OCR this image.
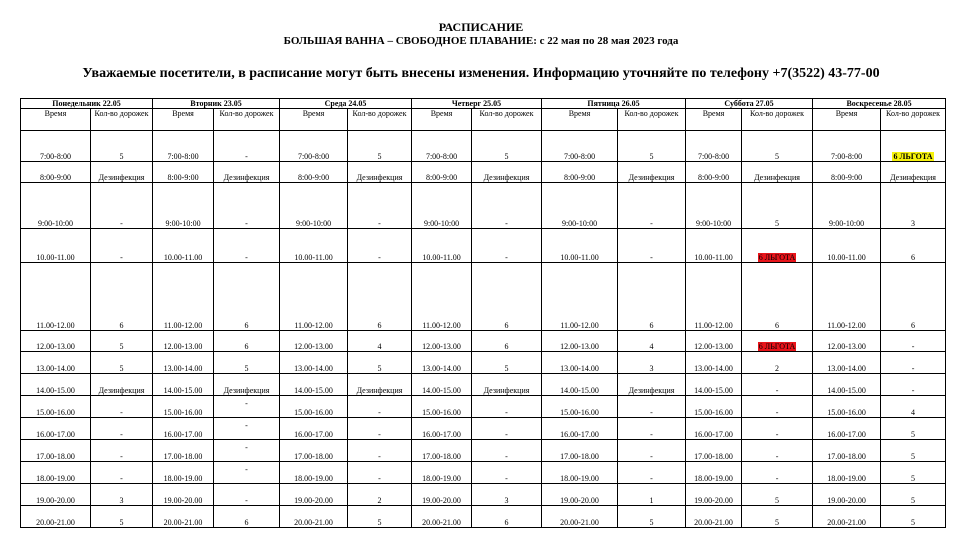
РАСПИСАНИЕ
БОЛЬШАЯ ВАННА – СВОБОДНОЕ ПЛАВАНИЕ: с 22 мая по 28 мая 2023 года
Уважаемые посетители, в расписание могут быть внесены изменения. Информацию уточняйте по телефону +7(3522) 43-77-00
Понедельник 22.05		Вторник 23.05		Среда 24.05		Четверг 25.05		Пятница 26.05		Суббота 27.05		Воскресенье 28.05	
Время	Кол-во дорожек	Время	Кол-во дорожек	Время	Кол-во дорожек	Время	Кол-во дорожек	Время	Кол-во дорожек	Время	Кол-во дорожек	Время	Кол-во дорожек
7:00-8:00	5	7:00-8:00	-	7:00-8:00	5	7:00-8:00	5	7:00-8:00	5	7:00-8:00	5	7:00-8:00	6 ЛЬГОТА
8:00-9:00	Дезинфекция	8:00-9:00	Дезинфекция	8:00-9:00	Дезинфекция	8:00-9:00	Дезинфекция	8:00-9:00	Дезинфекция	8:00-9:00	Дезинфекция	8:00-9:00	Дезинфекция
9:00-10:00	-	9:00-10:00	-	9:00-10:00	-	9:00-10:00	-	9:00-10:00	-	9:00-10:00	5	9:00-10:00	3
10.00-11.00	-	10.00-11.00	-	10.00-11.00	-	10.00-11.00	-	10.00-11.00	-	10.00-11.00	6 ЛЬГОТА	10.00-11.00	6
11.00-12.00	6	11.00-12.00	6	11.00-12.00	6	11.00-12.00	6	11.00-12.00	6	11.00-12.00	6	11.00-12.00	6
12.00-13.00	5	12.00-13.00	6	12.00-13.00	4	12.00-13.00	6	12.00-13.00	4	12.00-13.00	6 ЛЬГОТА	12.00-13.00	-
13.00-14.00	5	13.00-14.00	5	13.00-14.00	5	13.00-14.00	5	13.00-14.00	3	13.00-14.00	2	13.00-14.00	-
14.00-15.00	Дезинфекция	14.00-15.00	Дезинфекция	14.00-15.00	Дезинфекция	14.00-15.00	Дезинфекция	14.00-15.00	Дезинфекция	14.00-15.00	-	14.00-15.00	-
15.00-16.00	-	15.00-16.00	-	15.00-16.00	-	15.00-16.00	-	15.00-16.00	-	15.00-16.00	-	15.00-16.00	4
16.00-17.00	-	16.00-17.00	-	16.00-17.00	-	16.00-17.00	-	16.00-17.00	-	16.00-17.00	-	16.00-17.00	5
17.00-18.00	-	17.00-18.00	-	17.00-18.00	-	17.00-18.00	-	17.00-18.00	-	17.00-18.00	-	17.00-18.00	5
18.00-19.00	-	18.00-19.00	-	18.00-19.00	-	18.00-19.00	-	18.00-19.00	-	18.00-19.00	-	18.00-19.00	5
19.00-20.00	3	19.00-20.00	-	19.00-20.00	2	19.00-20.00	3	19.00-20.00	1	19.00-20.00	5	19.00-20.00	5
20.00-21.00	5	20.00-21.00	6	20.00-21.00	5	20.00-21.00	6	20.00-21.00	5	20.00-21.00	5	20.00-21.00	5
